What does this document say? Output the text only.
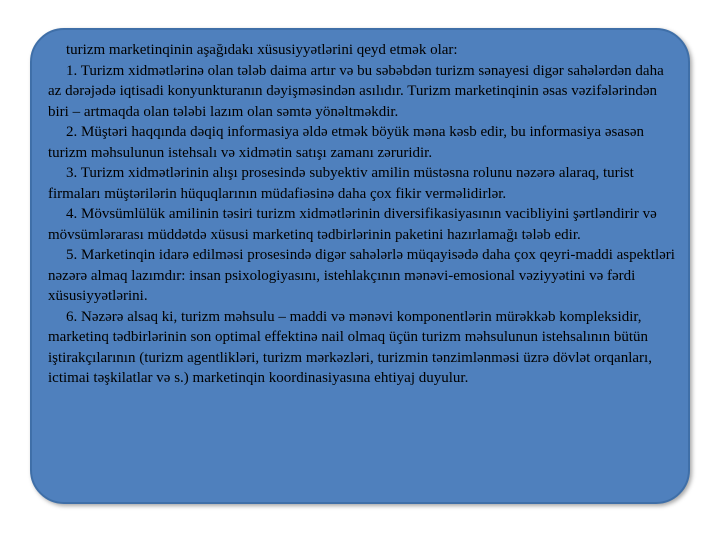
turizm marketinqinin aşağıdakı xüsusiyyətlərini qeyd etmək olar:

1. Turizm xidmətlərinə olan tələb daima artır və bu səbəbdən turizm sənayesi digər sahələrdən daha az dərəjədə iqtisadi konyunkturanın dəyişməsindən asılıdır. Turizm marketinqinin əsas vəzifələrindən biri – artmaqda olan tələbi lazım olan səmtə yönəltməkdir.

2. Müştəri haqqında dəqiq informasiya əldə etmək böyük məna kəsb edir, bu informasiya əsasən turizm məhsulunun istehsalı və xidmətin satışı zamanı zəruridir.

3. Turizm xidmətlərinin alışı prosesində subyektiv amilin müstəsna rolunu nəzərə alaraq, turist firmaları müştərilərin hüquqlarının müdafiəsinə daha çox fikir verməlidirlər.

4. Mövsümlülük amilinin təsiri turizm xidmətlərinin diversifikasiyasının vacibliyini şərtləndirir və mövsümlərarası müddətdə xüsusi marketinq tədbirlərinin paketini hazırlamağı tələb edir.

5. Marketinqin idarə edilməsi prosesində digər sahələrlə müqayisədə daha çox qeyri-maddi aspektləri nəzərə almaq lazımdır: insan psixologiyasını, istehlakçının mənəvi-emosional vəziyyətini və fərdi xüsusiyyətlərini.

6. Nəzərə alsaq ki, turizm məhsulu – maddi və mənəvi komponentlərin mürəkkəb kompleksidir, marketinq tədbirlərinin son optimal effektinə nail olmaq üçün turizm məhsulunun istehsalının bütün iştirakçılarının (turizm agentlikləri, turizm mərkəzləri, turizmin tənzimlənməsi üzrə dövlət orqanları, ictimai təşkilatlar və s.) marketinqin koordinasiyasına ehtiyaj duyulur.
